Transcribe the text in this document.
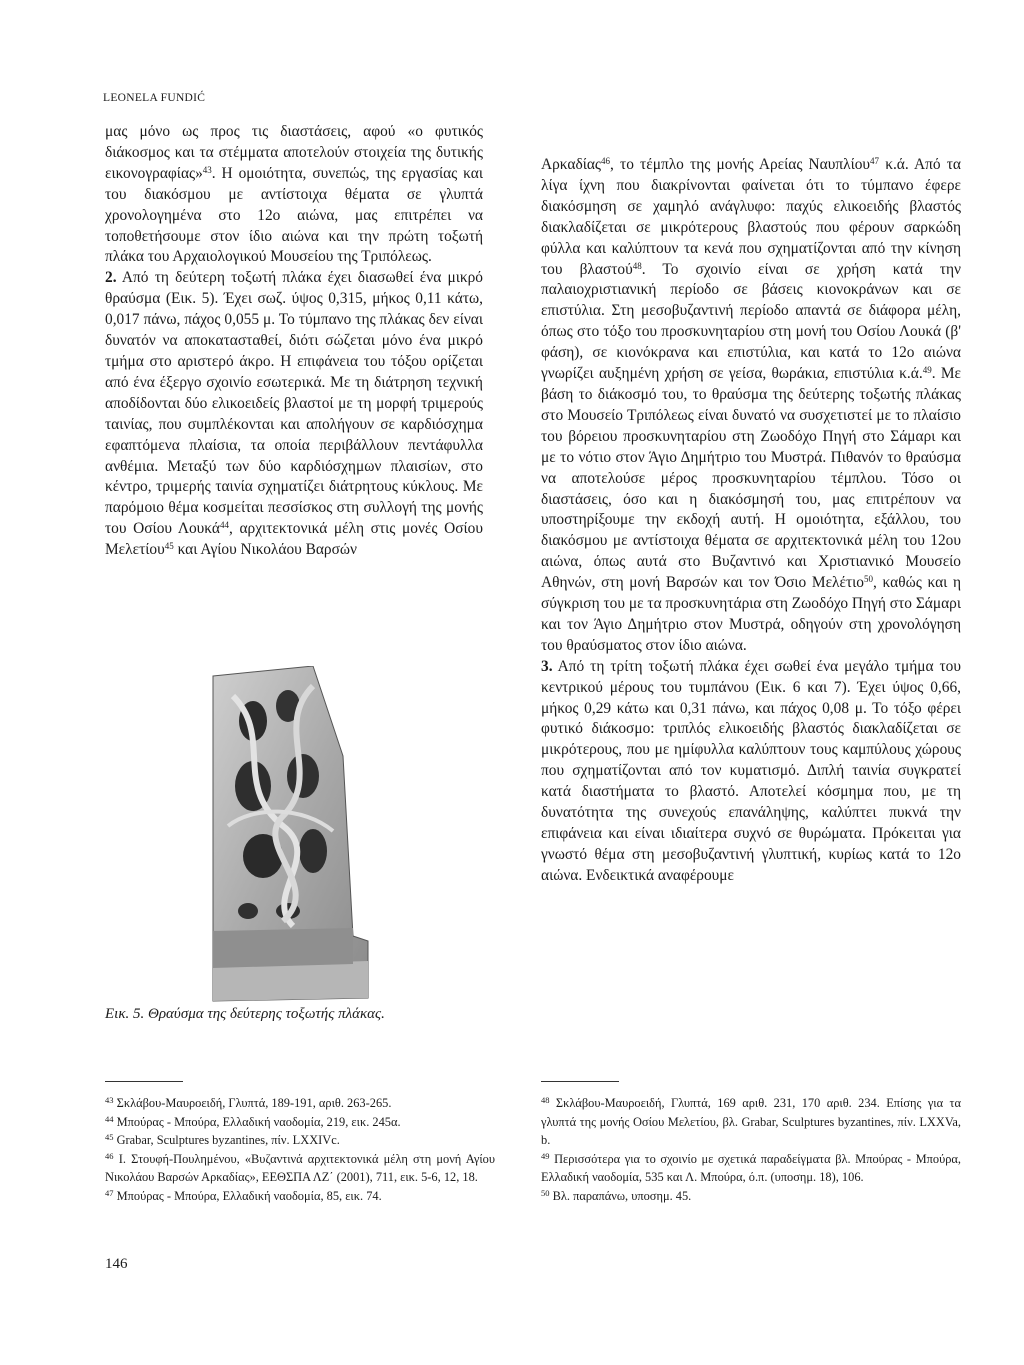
LEONELA FUNDIĆ

μας μόνο ως προς τις διαστάσεις, αφού «ο φυτικός διάκοσμος και τα στέμματα αποτελούν στοιχεία της δυτικής εικονογραφίας»$^{43}$. Η ομοιότητα, συνεπώς, της εργασίας και του διακόσμου με αντίστοιχα θέματα σε γλυπτά χρονολογημένα στο 12ο αιώνα, μας επιτρέπει να τοποθετήσουμε στον ίδιο αιώνα και την πρώτη τοξωτή πλάκα του Αρχαιολογικού Μουσείου της Τριπόλεως.

2. Από τη δεύτερη τοξωτή πλάκα έχει διασωθεί ένα μικρό θραύσμα (Εικ. 5). Έχει σωζ. ύψος 0,315, μήκος 0,11 κάτω, 0,017 πάνω, πάχος 0,055 μ. Το τύμπανο της πλάκας δεν είναι δυνατόν να αποκατασταθεί, διότι σώζεται μόνο ένα μικρό τμήμα στο αριστερό άκρο. Η επιφάνεια του τόξου ορίζεται από ένα έξεργο σχοινίο εσωτερικά. Με τη διάτρηση τεχνική αποδίδονται δύο ελικοειδείς βλαστοί με τη μορφή τριμερούς ταινίας, που συμπλέκονται και απολήγουν σε καρδιόσχημα εφαπτόμενα πλαίσια, τα οποία περιβάλλουν πεντάφυλλα ανθέμια. Μεταξύ των δύο καρδιόσχημων πλαισίων, στο κέντρο, τριμερής ταινία σχηματίζει διάτρητους κύκλους. Με παρόμοιο θέμα κοσμείται πεσσίσκος στη συλλογή της μονής του Οσίου Λουκά$^{44}$, αρχιτεκτονικά μέλη στις μονές Οσίου Μελετίου$^{45}$ και Αγίου Νικολάου Βαρσών

Εικ. 5. Θραύσμα της δεύτερης τοξωτής πλάκας.

Αρκαδίας$^{46}$, το τέμπλο της μονής Αρείας Ναυπλίου$^{47}$ κ.ά. Από τα λίγα ίχνη που διακρίνονται φαίνεται ότι το τύμπανο έφερε διακόσμηση σε χαμηλό ανάγλυφο: παχύς ελικοειδής βλαστός διακλαδίζεται σε μικρότερους βλαστούς που φέρουν σαρκώδη φύλλα και καλύπτουν τα κενά που σχηματίζονται από την κίνηση του βλαστού$^{48}$. Το σχοινίο είναι σε χρήση κατά την παλαιοχριστιανική περίοδο σε βάσεις κιονοκράνων και σε επιστύλια. Στη μεσοβυζαντινή περίοδο απαντά σε διάφορα μέλη, όπως στο τόξο του προσκυνηταρίου στη μονή του Οσίου Λουκά (β' φάση), σε κιονόκρανα και επιστύλια, και κατά το 12ο αιώνα γνωρίζει αυξημένη χρήση σε γείσα, θωράκια, επιστύλια κ.ά.$^{49}$. Με βάση το διάκοσμό του, το θραύσμα της δεύτερης τοξωτής πλάκας στο Μουσείο Τριπόλεως είναι δυνατό να συσχετιστεί με το πλαίσιο του βόρειου προσκυνηταρίου στη Ζωοδόχο Πηγή στο Σάμαρι και με το νότιο στον Άγιο Δημήτριο του Μυστρά. Πιθανόν το θραύσμα να αποτελούσε μέρος προσκυνηταρίου τέμπλου. Τόσο οι διαστάσεις, όσο και η διακόσμησή του, μας επιτρέπουν να υποστηρίξουμε την εκδοχή αυτή. Η ομοιότητα, εξάλλου, του διακόσμου με αντίστοιχα θέματα σε αρχιτεκτονικά μέλη του 12ου αιώνα, όπως αυτά στο Βυζαντινό και Χριστιανικό Μουσείο Αθηνών, στη μονή Βαρσών και τον Όσιο Μελέτιο$^{50}$, καθώς και η σύγκριση του με τα προσκυνητάρια στη Ζωοδόχο Πηγή στο Σάμαρι και τον Άγιο Δημήτριο στον Μυστρά, οδηγούν στη χρονολόγηση του θραύσματος στον ίδιο αιώνα.

3. Από τη τρίτη τοξωτή πλάκα έχει σωθεί ένα μεγάλο τμήμα του κεντρικού μέρους του τυμπάνου (Εικ. 6 και 7). Έχει ύψος 0,66, μήκος 0,29 κάτω και 0,31 πάνω, και πάχος 0,08 μ. Το τόξο φέρει φυτικό διάκοσμο: τριπλός ελικοειδής βλαστός διακλαδίζεται σε μικρότερους, που με ημίφυλλα καλύπτουν τους καμπύλους χώρους που σχηματίζονται από τον κυματισμό. Διπλή ταινία συγκρατεί κατά διαστήματα το βλαστό. Αποτελεί κόσμημα που, με τη δυνατότητα της συνεχούς επανάληψης, καλύπτει πυκνά την επιφάνεια και είναι ιδιαίτερα συχνό σε θυρώματα. Πρόκειται για γνωστό θέμα στη μεσοβυζαντινή γλυπτική, κυρίως κατά το 12ο αιώνα. Ενδεικτικά αναφέρουμε

$^{43}$ Σκλάβου-Μαυροειδή, Γλυπτά, 189-191, αριθ. 263-265.

$^{44}$ Μπούρας - Μπούρα, Ελλαδική ναοδομία, 219, εικ. 245α.

$^{45}$ Grabar, Sculptures byzantines, πίν. LXXIVc.

$^{46}$ Ι. Στουφή-Πουλημένου, «Βυζαντινά αρχιτεκτονικά μέλη στη μονή Αγίου Νικολάου Βαρσών Αρκαδίας», ΕΕΘΣΠΑ ΛΖ΄ (2001), 711, εικ. 5-6, 12, 18.

$^{47}$ Μπούρας - Μπούρα, Ελλαδική ναοδομία, 85, εικ. 74.

$^{48}$ Σκλάβου-Μαυροειδή, Γλυπτά, 169 αριθ. 231, 170 αριθ. 234. Επίσης για τα γλυπτά της μονής Οσίου Μελετίου, βλ. Grabar, Sculptures byzantines, πίν. LXXVa, b.

$^{49}$ Περισσότερα για το σχοινίο με σχετικά παραδείγματα βλ. Μπούρας - Μπούρα, Ελλαδική ναοδομία, 535 και Λ. Μπούρα, ό.π. (υποσημ. 18), 106.

$^{50}$ Βλ. παραπάνω, υποσημ. 45.

146
